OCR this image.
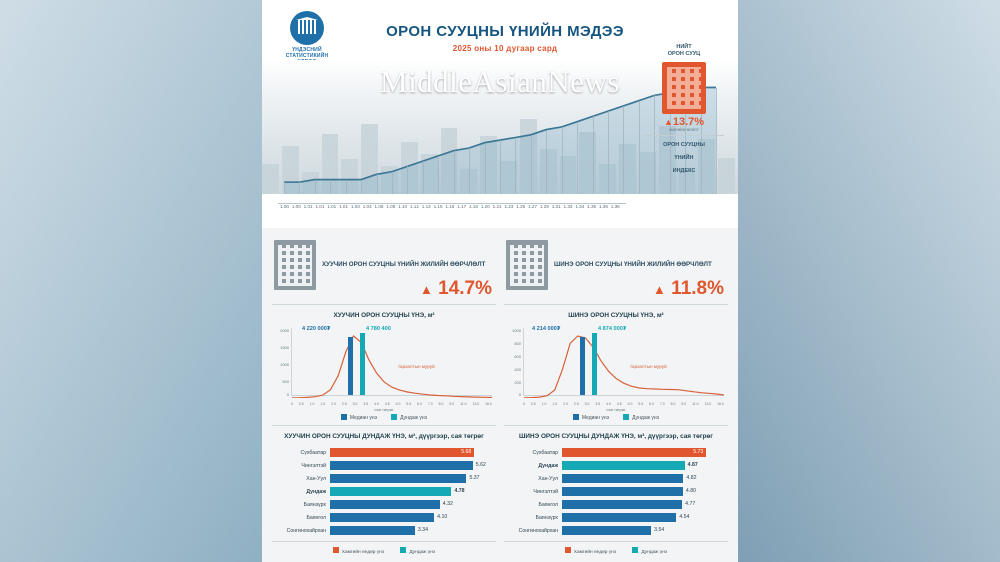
1.00 1.00 1.01 1.01 1.01 1.01 1.03 1.04 1.06 1.08 1.10 1.12 1.13 1.15 1.16 1.17 1.18 1.20 1.21 1.23 1.25 1.27 1.29 1.31 1.33 1.34 1.35 1.36 1.36
ҮНДЭСНИЙ
СТАТИСТИКИЙН
ОРОН СУУЦНЫ ҮНИЙН МЭДЭЭ
2025 оны 10 дугаар сард
MiddleAsianNews
НИЙТ
ОРОН СУУЦ
▲13.7%
жилийн өсөлт
ОРОН СУУЦНЫ
ҮНИЙН
ИНДЕКС
ХУУЧИН ОРОН СУУЦНЫ ҮНИЙН ЖИЛИЙН ӨӨРЧЛӨЛТ
▲ 14.7%
ХУУЧИН ОРОН СУУЦНЫ ҮНЭ, м²
2000
1500
1000
500
0
4 220 000₮	4 780 400
тархалтын муруй
0 0.5 1.0 1.5 2.0 2.5 3.0 3.5 4.0 4.5 5.0 5.5 6.0 7.0 8.0 9.0 11.0 13.0 16.0
сая төгрөг
Медиан үнэ	Дундаж үнэ
ХУУЧИН ОРОН СУУЦНЫ ДУНДАЖ ҮНЭ, м², дүүргээр, сая төгрөг
Сүхбаатар	5.68
Чингэлтэй	5.62
Хан-Уул	5.37
Дундаж	4.78
Баянзүрх	4.32
Баянгол	4.10
Сонгинохайрхан	3.34
Хамгийн өндөр үнэ	Дундаж үнэ
ШИНЭ ОРОН СУУЦНЫ ҮНИЙН ЖИЛИЙН ӨӨРЧЛӨЛТ
▲ 11.8%
ШИНЭ ОРОН СУУЦНЫ ҮНЭ, м²
1000
800
600
400
200
0
4 214 000₮	4 874 000₮
тархалтын муруй
0 0.5 1.0 1.5 2.0 2.5 3.0 3.5 4.0 4.5 5.0 5.5 6.0 7.0 8.0 9.0 11.0 13.0 16.0
сая төгрөг
Медиан үнэ	Дундаж үнэ
ШИНЭ ОРОН СУУЦНЫ ДУНДАЖ ҮНЭ, м², дүүргээр, сая төгрөг
Сүхбаатар	5.73
Дундаж	4.87
Хан-Уул	4.82
Чингэлтэй	4.80
Баянгол	4.77
Баянзүрх	4.54
Сонгинохайрхан	3.54
Хамгийн өндөр үнэ	Дундаж үнэ
